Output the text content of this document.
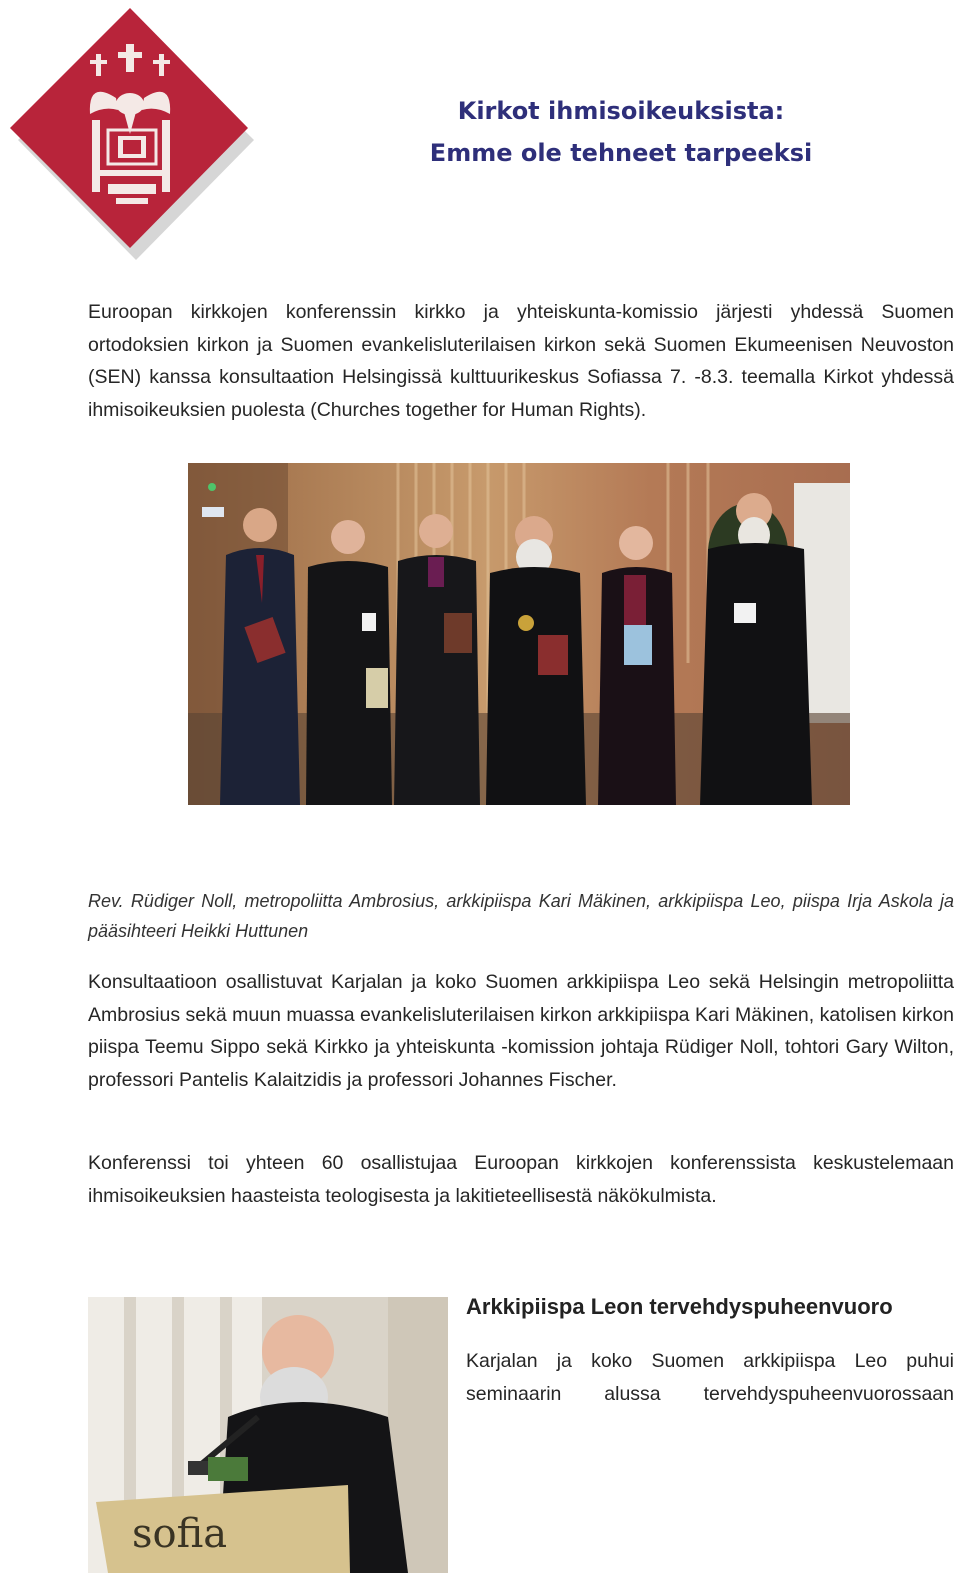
Kirkot ihmisoikeuksista:
Emme ole tehneet tarpeeksi
Euroopan kirkkojen konferenssin kirkko ja yhteiskunta-komissio järjesti yhdessä Suomen ortodoksien kirkon ja Suomen evankelisluterilaisen kirkon sekä Suomen Ekumeenisen Neuvoston (SEN) kanssa konsultaation Helsingissä kulttuurikeskus Sofiassa 7. -8.3. teemalla Kirkot yhdessä ihmisoikeuksien puolesta (Churches together for Human Rights).
Rev. Rüdiger Noll, metropoliitta Ambrosius, arkkipiispa Kari Mäkinen, arkkipiispa Leo, piispa Irja Askola ja pääsihteeri Heikki Huttunen
Konsultaatioon osallistuvat Karjalan ja koko Suomen arkkipiispa Leo sekä Helsingin metropoliitta Ambrosius sekä muun muassa evankelisluterilaisen kirkon arkkipiispa Kari Mäkinen, katolisen kirkon piispa Teemu Sippo sekä Kirkko ja yhteiskunta -komission johtaja Rüdiger Noll, tohtori Gary Wilton, professori Pantelis Kalaitzidis ja professori Johannes Fischer.
Konferenssi toi yhteen 60 osallistujaa Euroopan kirkkojen konferenssista keskustelemaan ihmisoikeuksien haasteista teologisesta ja lakitieteellisestä näkökulmista.
sofia
Arkkipiispa Leon tervehdyspuheenvuoro
Karjalan ja koko Suomen arkkipiispa Leo puhui seminaarin alussa tervehdyspuheenvuorossaan
